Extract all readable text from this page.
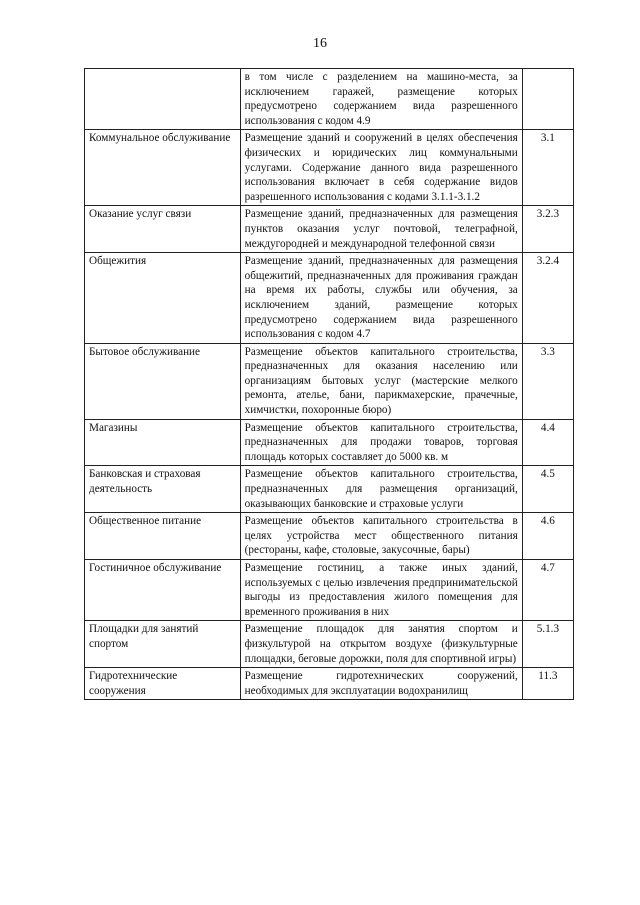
16
	в том числе с разделением на машино-места, за исключением гаражей, размещение которых предусмотрено содержанием вида разрешенного использования с кодом 4.9	
Коммунальное обслуживание	Размещение зданий и сооружений в целях обеспечения физических и юридических лиц коммунальными услугами. Содержание данного вида разрешенного использования включает в себя содержание видов разрешенного использования с кодами 3.1.1-3.1.2	3.1
Оказание услуг связи	Размещение зданий, предназначенных для размещения пунктов оказания услуг почтовой, телеграфной, междугородней и международной телефонной связи	3.2.3
Общежития	Размещение зданий, предназначенных для размещения общежитий, предназначенных для проживания граждан на время их работы, службы или обучения, за исключением зданий, размещение которых предусмотрено содержанием вида разрешенного использования с кодом 4.7	3.2.4
Бытовое обслуживание	Размещение объектов капитального строительства, предназначенных для оказания населению или организациям бытовых услуг (мастерские мелкого ремонта, ателье, бани, парикмахерские, прачечные, химчистки, похоронные бюро)	3.3
Магазины	Размещение объектов капитального строительства, предназначенных для продажи товаров, торговая площадь которых составляет до 5000 кв. м	4.4
Банковская и страховая деятельность	Размещение объектов капитального строительства, предназначенных для размещения организаций, оказывающих банковские и страховые услуги	4.5
Общественное питание	Размещение объектов капитального строительства в целях устройства мест общественного питания (рестораны, кафе, столовые, закусочные, бары)	4.6
Гостиничное обслуживание	Размещение гостиниц, а также иных зданий, используемых с целью извлечения предпринимательской выгоды из предоставления жилого помещения для временного проживания в них	4.7
Площадки для занятий спортом	Размещение площадок для занятия спортом и физкультурой на открытом воздухе (физкультурные площадки, беговые дорожки, поля для спортивной игры)	5.1.3
Гидротехнические сооружения	Размещение гидротехнических сооружений, необходимых для эксплуатации водохранилищ	11.3
